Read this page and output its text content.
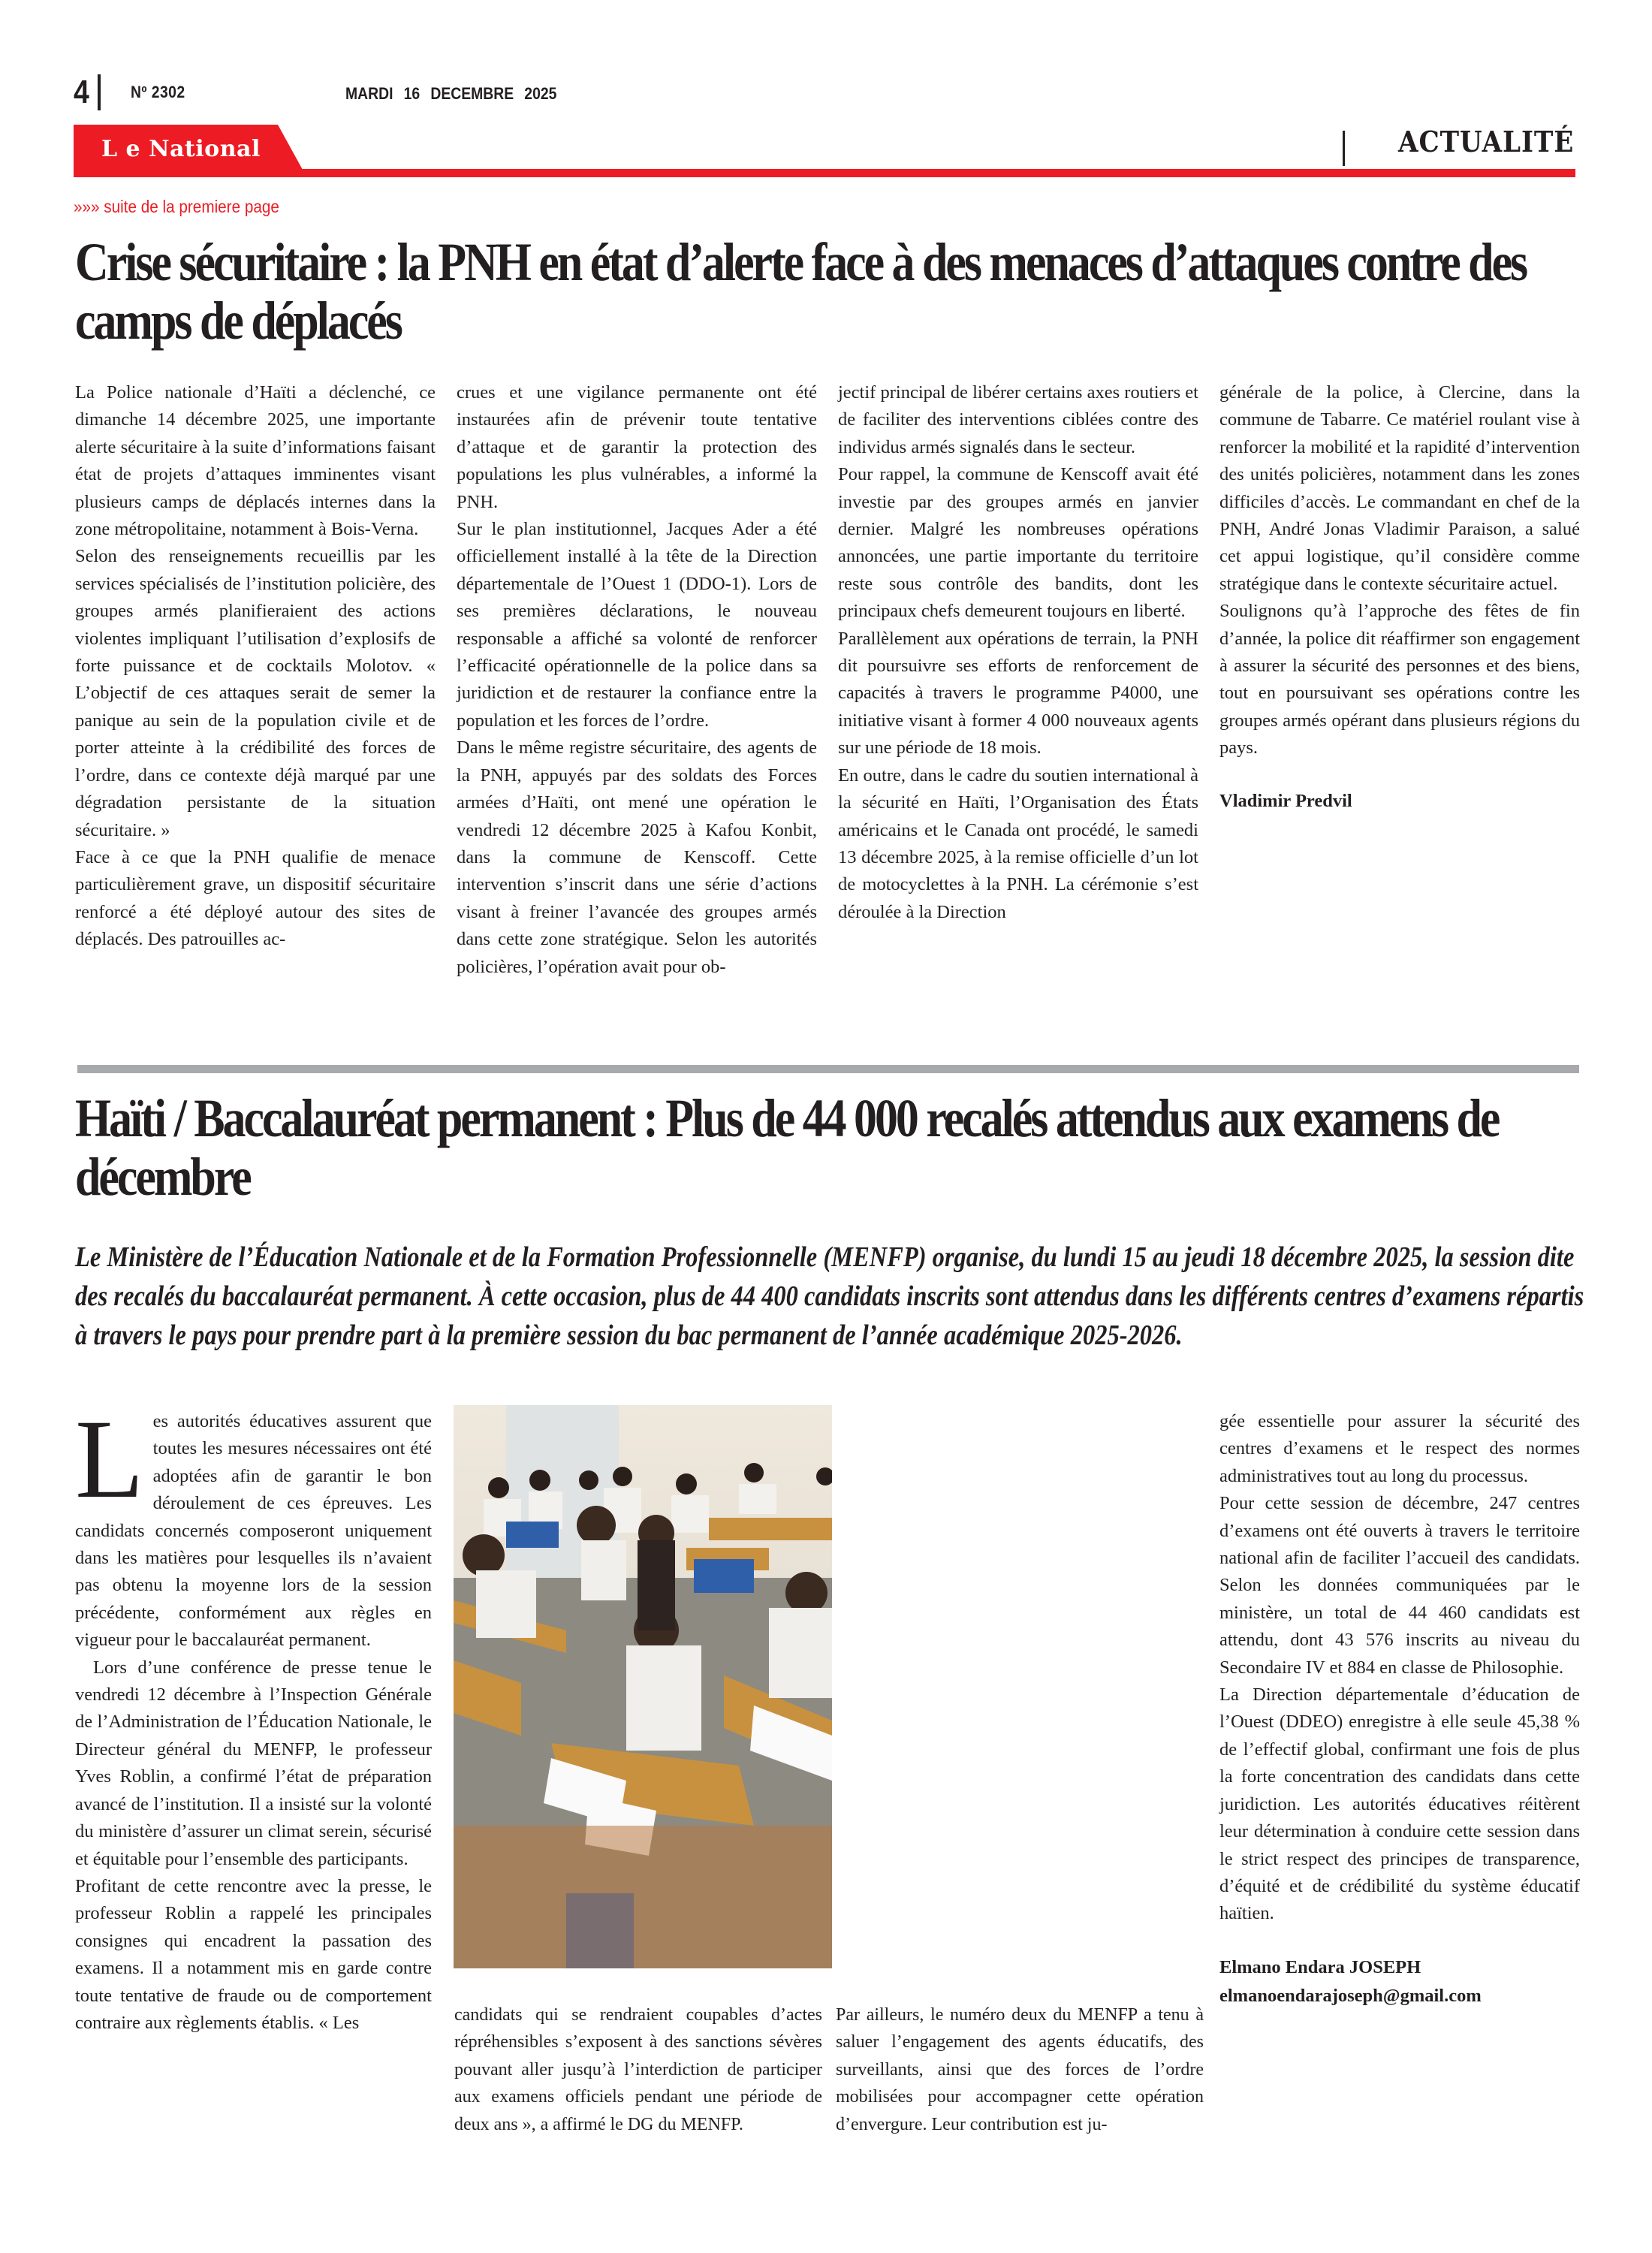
4	Nº 2302	MARDI 16 DECEMBRE 2025
L e National	ACTUALITÉ
»»» suite de la premiere page
Crise sécuritaire : la PNH en état d’alerte face à des menaces d’attaques contre des camps de déplacés

La Police nationale d’Haïti a déclenché, ce dimanche 14 décembre 2025, une importante alerte sécuritaire à la suite d’informations faisant état de projets d’attaques imminentes visant plusieurs camps de déplacés internes dans la zone métropolitaine, notamment à Bois-Verna.

Selon des renseignements recueillis par les services spécialisés de l’institution policière, des groupes armés planifieraient des actions violentes impliquant l’utilisation d’explosifs de forte puissance et de cocktails Molotov. « L’objectif de ces attaques serait de semer la panique au sein de la population civile et de porter atteinte à la crédibilité des forces de l’ordre, dans ce contexte déjà marqué par une dégradation persistante de la situation sécuritaire. »

Face à ce que la PNH qualifie de menace particulièrement grave, un dispositif sécuritaire renforcé a été déployé autour des sites de déplacés. Des patrouilles ac-

crues et une vigilance permanente ont été instaurées afin de prévenir toute tentative d’attaque et de garantir la protection des populations les plus vulnérables, a informé la PNH.

Sur le plan institutionnel, Jacques Ader a été officiellement installé à la tête de la Direction départementale de l’Ouest 1 (DDO-1). Lors de ses premières déclarations, le nouveau responsable a affiché sa volonté de renforcer l’efficacité opérationnelle de la police dans sa juridiction et de restaurer la confiance entre la population et les forces de l’ordre.

Dans le même registre sécuritaire, des agents de la PNH, appuyés par des soldats des Forces armées d’Haïti, ont mené une opération le vendredi 12 décembre 2025 à Kafou Konbit, dans la commune de Kenscoff. Cette intervention s’inscrit dans une série d’actions visant à freiner l’avancée des groupes armés dans cette zone stratégique. Selon les autorités policières, l’opération avait pour ob-

jectif principal de libérer certains axes routiers et de faciliter des interventions ciblées contre des individus armés signalés dans le secteur.

Pour rappel, la commune de Kenscoff avait été investie par des groupes armés en janvier dernier. Malgré les nombreuses opérations annoncées, une partie importante du territoire reste sous contrôle des bandits, dont les principaux chefs demeurent toujours en liberté.

Parallèlement aux opérations de terrain, la PNH dit poursuivre ses efforts de renforcement de capacités à travers le programme P4000, une initiative visant à former 4 000 nouveaux agents sur une période de 18 mois.

En outre, dans le cadre du soutien international à la sécurité en Haïti, l’Organisation des États américains et le Canada ont procédé, le samedi 13 décembre 2025, à la remise officielle d’un lot de motocyclettes à la PNH. La cérémonie s’est déroulée à la Direction

générale de la police, à Clercine, dans la commune de Tabarre. Ce matériel roulant vise à renforcer la mobilité et la rapidité d’intervention des unités policières, notamment dans les zones difficiles d’accès. Le commandant en chef de la PNH, André Jonas Vladimir Paraison, a salué cet appui logistique, qu’il considère comme stratégique dans le contexte sécuritaire actuel.

Soulignons qu’à l’approche des fêtes de fin d’année, la police dit réaffirmer son engagement à assurer la sécurité des personnes et des biens, tout en poursuivant ses opérations contre les groupes armés opérant dans plusieurs régions du pays.

Vladimir Predvil

Haïti / Baccalauréat permanent : Plus de 44 000 recalés attendus aux examens de décembre
Le Ministère de l’Éducation Nationale et de la Formation Professionnelle (MENFP) organise, du lundi 15 au jeudi 18 décembre 2025, la session dite des recalés du baccalauréat permanent. À cette occasion, plus de 44 400 candidats inscrits sont attendus dans les différents centres d’examens répartis à travers le pays pour prendre part à la première session du bac permanent de l’année académique 2025-2026.

Les autorités éducatives assurent que toutes les mesures nécessaires ont été adoptées afin de garantir le bon déroulement de ces épreuves. Les candidats concernés composeront uniquement dans les matières pour lesquelles ils n’avaient pas obtenu la moyenne lors de la session précédente, conformément aux règles en vigueur pour le baccalauréat permanent.

Lors d’une conférence de presse tenue le vendredi 12 décembre à l’Inspection Générale de l’Administration de l’Éducation Nationale, le Directeur général du MENFP, le professeur Yves Roblin, a confirmé l’état de préparation avancé de l’institution. Il a insisté sur la volonté du ministère d’assurer un climat serein, sécurisé et équitable pour l’ensemble des participants.

Profitant de cette rencontre avec la presse, le professeur Roblin a rappelé les principales consignes qui encadrent la passation des examens. Il a notamment mis en garde contre toute tentative de fraude ou de comportement contraire aux règlements établis. « Les	candidats qui se rendraient coupables d’actes répréhensibles s’exposent à des sanctions sévères pouvant aller jusqu’à l’interdiction de participer aux examens officiels pendant une période de deux ans », a affirmé le DG du MENFP.

Par ailleurs, le numéro deux du MENFP a tenu à saluer l’engagement des agents éducatifs, des surveillants, ainsi que des forces de l’ordre mobilisées pour accompagner cette opération d’envergure. Leur contribution est ju-

gée essentielle pour assurer la sécurité des centres d’examens et le respect des normes administratives tout au long du processus.

Pour cette session de décembre, 247 centres d’examens ont été ouverts à travers le territoire national afin de faciliter l’accueil des candidats. Selon les données communiquées par le ministère, un total de 44 460 candidats est attendu, dont 43 576 inscrits au niveau du Secondaire IV et 884 en classe de Philosophie.

La Direction départementale d’éducation de l’Ouest (DDEO) enregistre à elle seule 45,38 % de l’effectif global, confirmant une fois de plus la forte concentration des candidats dans cette juridiction. Les autorités éducatives réitèrent leur détermination à conduire cette session dans le strict respect des principes de transparence, d’équité et de crédibilité du système éducatif haïtien.

Elmano Endara JOSEPH
elmanoendarajoseph@gmail.com
